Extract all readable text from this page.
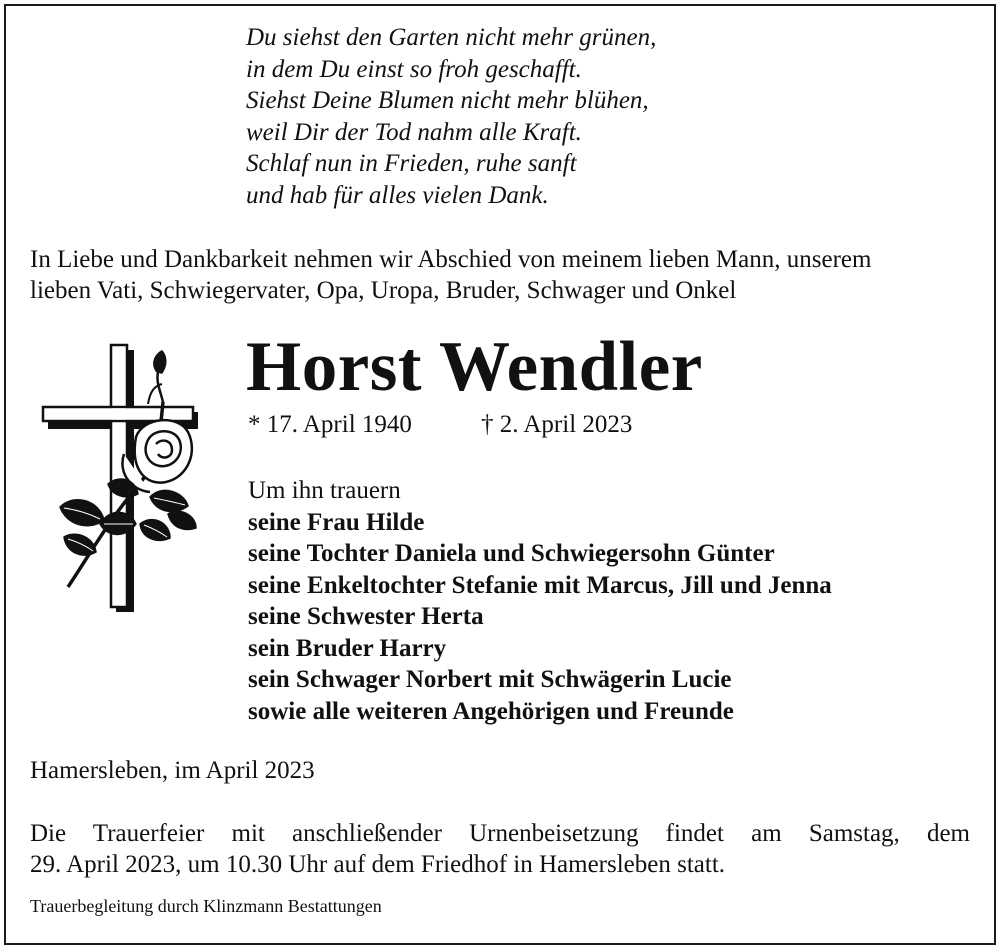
Du siehst den Garten nicht mehr grünen,
in dem Du einst so froh geschafft.
Siehst Deine Blumen nicht mehr blühen,
weil Dir der Tod nahm alle Kraft.
Schlaf nun in Frieden, ruhe sanft
und hab für alles vielen Dank.
In Liebe und Dankbarkeit nehmen wir Abschied von meinem lieben Mann, unserem
lieben Vati, Schwiegervater, Opa, Uropa, Bruder, Schwager und Onkel
Horst Wendler
* 17. April 1940	† 2. April 2023
Um ihn trauern
seine Frau Hilde
seine Tochter Daniela und Schwiegersohn Günter
seine Enkeltochter Stefanie mit Marcus, Jill und Jenna
seine Schwester Herta
sein Bruder Harry
sein Schwager Norbert mit Schwägerin Lucie
sowie alle weiteren Angehörigen und Freunde
Hamersleben, im April 2023
Die Trauerfeier mit anschließender Urnenbeisetzung findet am Samstag, dem
29. April 2023, um 10.30 Uhr auf dem Friedhof in Hamersleben statt.
Trauerbegleitung durch Klinzmann Bestattungen
